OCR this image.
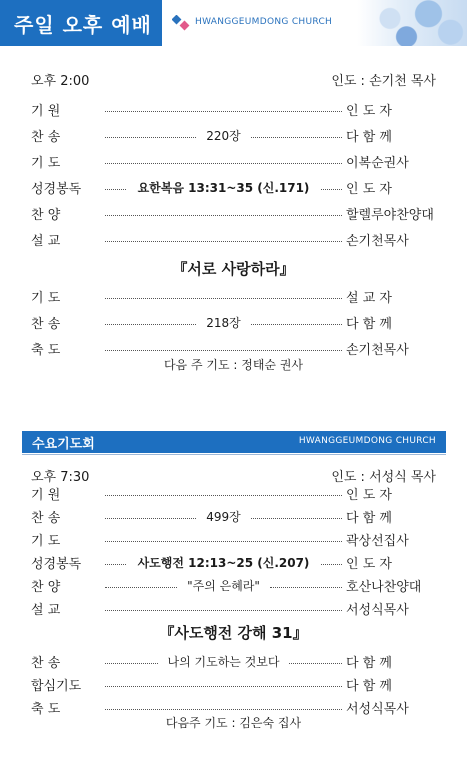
주일 오후 예배	HWANGGEUMDONG CHURCH
오후 2:00	인도 : 손기천 목사
기 원	인 도 자
찬 송	220장	다 함 께
기 도	이복순권사
성경봉독	요한복음 13:31~35 (신.171)	인 도 자
찬 양	할렐루야찬양대
설 교	손기천목사
『서로 사랑하라』
기 도	설 교 자
찬 송	218장	다 함 께
축 도	손기천목사
다음 주 기도 : 정태순 권사
수요기도회	HWANGGEUMDONG CHURCH
오후 7:30	인도 : 서성식 목사
기 원	인 도 자
찬 송	499장	다 함 께
기 도	곽상선집사
성경봉독	사도행전 12:13~25 (신.207)	인 도 자
찬 양	"주의 은혜라"	호산나찬양대
설 교	서성식목사
『사도행전 강해 31』
찬 송	나의 기도하는 것보다	다 함 께
합심기도	다 함 께
축 도	서성식목사
다음주 기도 : 김은숙 집사
